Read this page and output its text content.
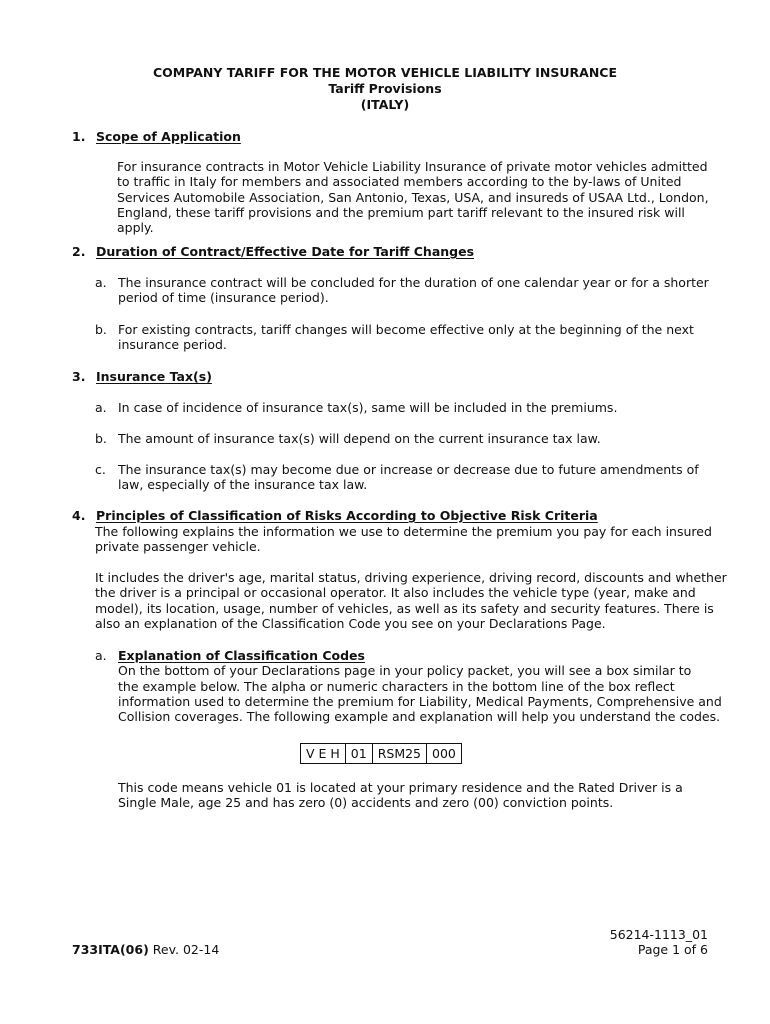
COMPANY TARIFF FOR THE MOTOR VEHICLE LIABILITY INSURANCE
Tariff Provisions
(ITALY)
1. Scope of Application
For insurance contracts in Motor Vehicle Liability Insurance of private motor vehicles admitted
to traffic in Italy for members and associated members according to the by-laws of United
Services Automobile Association, San Antonio, Texas, USA, and insureds of USAA Ltd., London,
England, these tariff provisions and the premium part tariff relevant to the insured risk will
apply.
2. Duration of Contract/Effective Date for Tariff Changes
a. The insurance contract will be concluded for the duration of one calendar year or for a shorter
period of time (insurance period).
b. For existing contracts, tariff changes will become effective only at the beginning of the next
insurance period.
3. Insurance Tax(s)
a. In case of incidence of insurance tax(s), same will be included in the premiums.
b. The amount of insurance tax(s) will depend on the current insurance tax law.
c. The insurance tax(s) may become due or increase or decrease due to future amendments of
law, especially of the insurance tax law.
4. Principles of Classification of Risks According to Objective Risk Criteria
The following explains the information we use to determine the premium you pay for each insured
private passenger vehicle.
It includes the driver's age, marital status, driving experience, driving record, discounts and whether
the driver is a principal or occasional operator. It also includes the vehicle type (year, make and
model), its location, usage, number of vehicles, as well as its safety and security features. There is
also an explanation of the Classification Code you see on your Declarations Page.
a. Explanation of Classification Codes
On the bottom of your Declarations page in your policy packet, you will see a box similar to
the example below. The alpha or numeric characters in the bottom line of the box reflect
information used to determine the premium for Liability, Medical Payments, Comprehensive and
Collision coverages. The following example and explanation will help you understand the codes.
V E H 01 RSM25 000
This code means vehicle 01 is located at your primary residence and the Rated Driver is a
Single Male, age 25 and has zero (0) accidents and zero (00) conviction points.
733ITA(06) Rev. 02-14
56214-1113_01
Page 1 of 6
